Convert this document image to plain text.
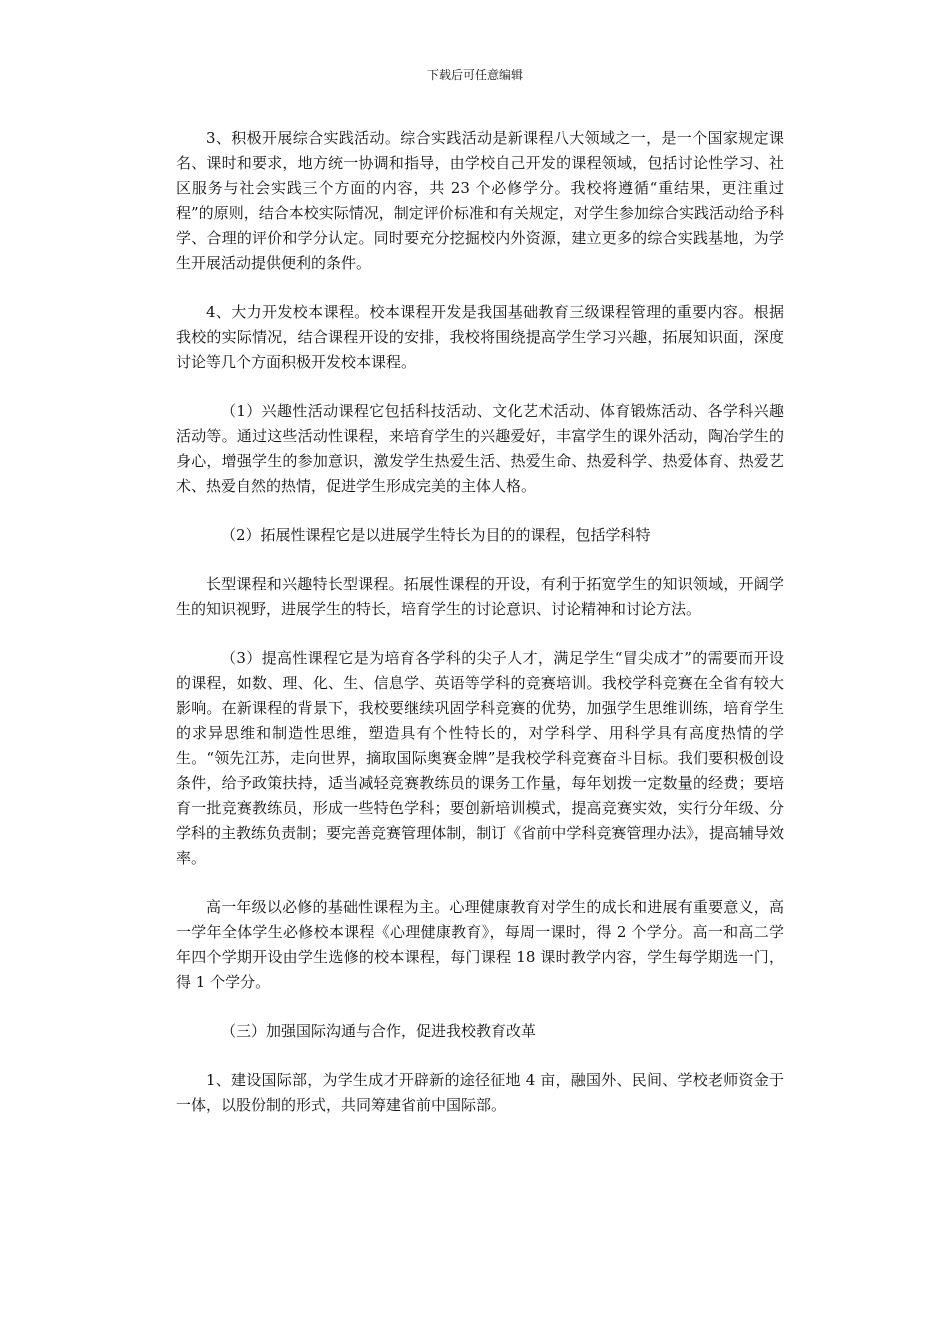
下载后可任意编辑

3、积极开展综合实践活动。综合实践活动是新课程八大领域之一，是一个国家规定课名、课时和要求，地方统一协调和指导，由学校自己开发的课程领域，包括讨论性学习、社区服务与社会实践三个方面的内容，共 23 个必修学分。我校将遵循“重结果，更注重过程”的原则，结合本校实际情况，制定评价标准和有关规定，对学生参加综合实践活动给予科学、合理的评价和学分认定。同时要充分挖掘校内外资源，建立更多的综合实践基地，为学生开展活动提供便利的条件。

4、大力开发校本课程。校本课程开发是我国基础教育三级课程管理的重要内容。根据我校的实际情况，结合课程开设的安排，我校将围绕提高学生学习兴趣，拓展知识面，深度讨论等几个方面积极开发校本课程。

（1）兴趣性活动课程它包括科技活动、文化艺术活动、体育锻炼活动、各学科兴趣活动等。通过这些活动性课程，来培育学生的兴趣爱好，丰富学生的课外活动，陶冶学生的身心，增强学生的参加意识，激发学生热爱生活、热爱生命、热爱科学、热爱体育、热爱艺术、热爱自然的热情，促进学生形成完美的主体人格。

（2）拓展性课程它是以进展学生特长为目的的课程，包括学科特

长型课程和兴趣特长型课程。拓展性课程的开设，有利于拓宽学生的知识领域，开阔学生的知识视野，进展学生的特长，培育学生的讨论意识、讨论精神和讨论方法。

（3）提高性课程它是为培育各学科的尖子人才，满足学生“冒尖成才”的需要而开设的课程，如数、理、化、生、信息学、英语等学科的竞赛培训。我校学科竞赛在全省有较大影响。在新课程的背景下，我校要继续巩固学科竞赛的优势，加强学生思维训练，培育学生的求异思维和制造性思维，塑造具有个性特长的，对学科学、用科学具有高度热情的学生。“领先江苏，走向世界，摘取国际奥赛金牌”是我校学科竞赛奋斗目标。我们要积极创设条件，给予政策扶持，适当减轻竞赛教练员的课务工作量，每年划拨一定数量的经费；要培育一批竞赛教练员，形成一些特色学科；要创新培训模式，提高竞赛实效，实行分年级、分学科的主教练负责制；要完善竞赛管理体制，制订《省前中学科竞赛管理办法》，提高辅导效率。

高一年级以必修的基础性课程为主。心理健康教育对学生的成长和进展有重要意义，高一学年全体学生必修校本课程《心理健康教育》，每周一课时，得 2 个学分。高一和高二学年四个学期开设由学生选修的校本课程，每门课程 18 课时教学内容，学生每学期选一门，得 1 个学分。

（三）加强国际沟通与合作，促进我校教育改革

1、建设国际部，为学生成才开辟新的途径征地 4 亩，融国外、民间、学校老师资金于一体，以股份制的形式，共同筹建省前中国际部。
